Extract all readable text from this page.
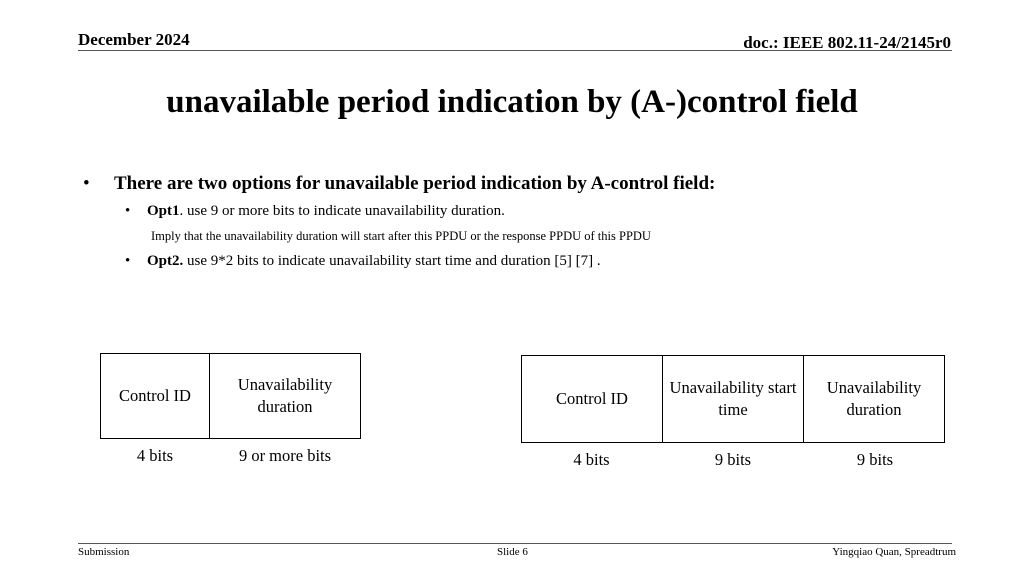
December 2024	doc.: IEEE 802.11-24/2145r0
unavailable period indication by (A-)control field
• There are two options for unavailable period indication by A-control field:
• Opt1. use 9 or more bits to indicate unavailability duration.
Imply that the unavailability duration will start after this PPDU or the response PPDU of this PPDU
• Opt2. use 9*2 bits to indicate unavailability start time and duration [5] [7] .
Control ID	Unavailability duration
4 bits	9 or more bits
Control ID	Unavailability start time	Unavailability duration
4 bits	9 bits	9 bits
Submission	Slide 6	Yingqiao Quan, Spreadtrum
